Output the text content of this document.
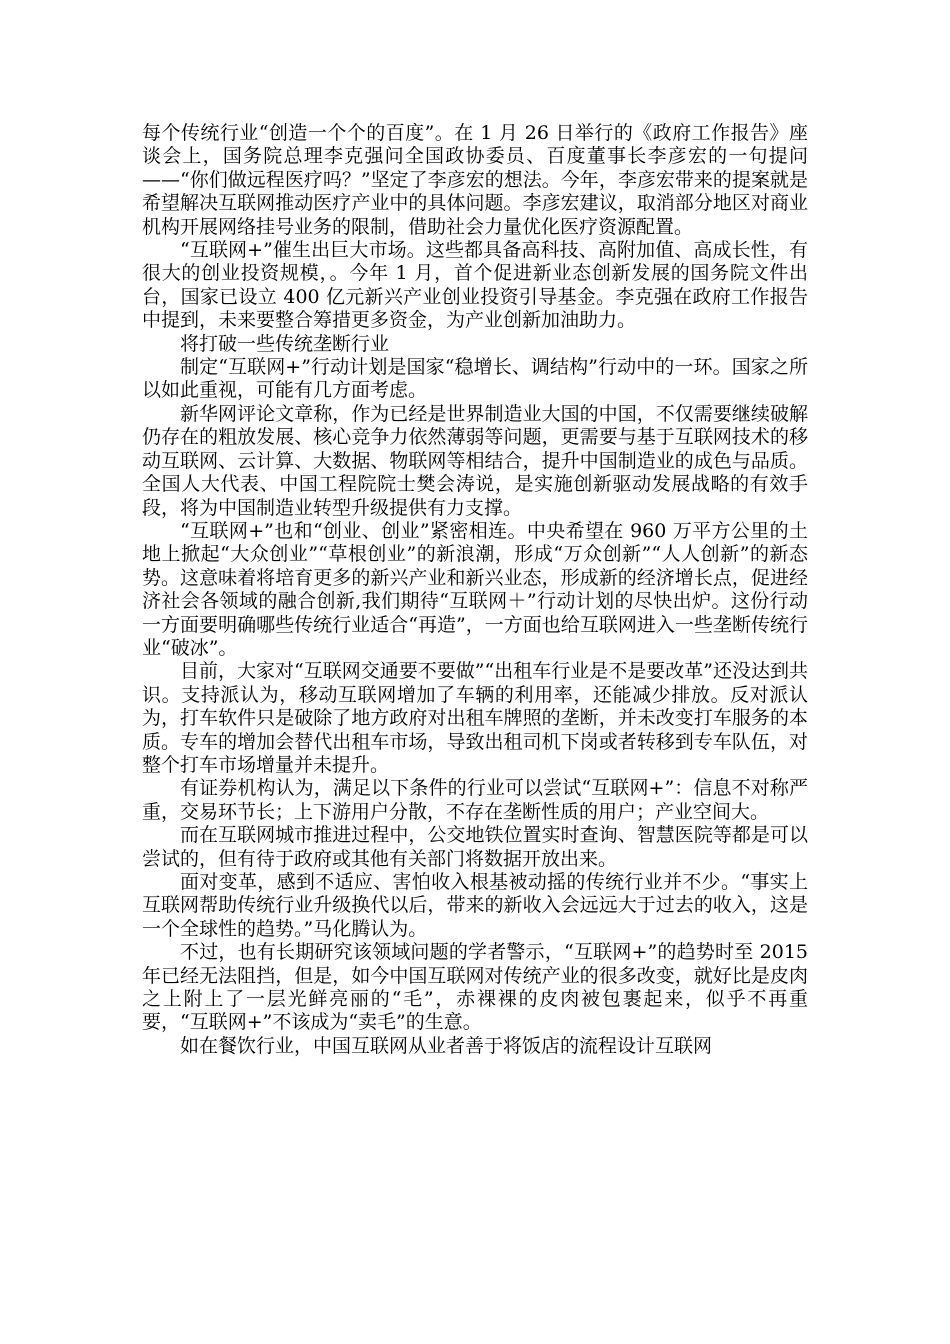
每个传统行业“创造一个个的百度”。在 1 月 26 日举行的《政府工作报告》座谈会上，国务院总理李克强问全国政协委员、百度董事长李彦宏的一句提问——“你们做远程医疗吗？”坚定了李彦宏的想法。今年，李彦宏带来的提案就是希望解决互联网推动医疗产业中的具体问题。李彦宏建议，取消部分地区对商业机构开展网络挂号业务的限制，借助社会力量优化医疗资源配置。

“互联网+”催生出巨大市场。这些都具备高科技、高附加值、高成长性，有很大的创业投资规模，。今年 1 月，首个促进新业态创新发展的国务院文件出台，国家已设立 400 亿元新兴产业创业投资引导基金。李克强在政府工作报告中提到，未来要整合筹措更多资金，为产业创新加油助力。

将打破一些传统垄断行业

制定“互联网+”行动计划是国家“稳增长、调结构”行动中的一环。国家之所以如此重视，可能有几方面考虑。

新华网评论文章称，作为已经是世界制造业大国的中国，不仅需要继续破解仍存在的粗放发展、核心竞争力依然薄弱等问题，更需要与基于互联网技术的移动互联网、云计算、大数据、物联网等相结合，提升中国制造业的成色与品质。全国人大代表、中国工程院院士樊会涛说，是实施创新驱动发展战略的有效手段，将为中国制造业转型升级提供有力支撑。

“互联网+”也和“创业、创业”紧密相连。中央希望在 960 万平方公里的土地上掀起“大众创业”“草根创业”的新浪潮，形成“万众创新”“人人创新”的新态势。这意味着将培育更多的新兴产业和新兴业态，形成新的经济增长点，促进经济社会各领域的融合创新,我们期待“互联网＋”行动计划的尽快出炉。这份行动一方面要明确哪些传统行业适合“再造”，一方面也给互联网进入一些垄断传统行业“破冰”。

目前，大家对“互联网交通要不要做”“出租车行业是不是要改革”还没达到共识。支持派认为，移动互联网增加了车辆的利用率，还能减少排放。反对派认为，打车软件只是破除了地方政府对出租车牌照的垄断，并未改变打车服务的本质。专车的增加会替代出租车市场，导致出租司机下岗或者转移到专车队伍，对整个打车市场增量并未提升。

有证券机构认为，满足以下条件的行业可以尝试“互联网+”：信息不对称严重，交易环节长；上下游用户分散，不存在垄断性质的用户；产业空间大。

而在互联网城市推进过程中，公交地铁位置实时查询、智慧医院等都是可以尝试的，但有待于政府或其他有关部门将数据开放出来。

面对变革，感到不适应、害怕收入根基被动摇的传统行业并不少。“事实上互联网帮助传统行业升级换代以后，带来的新收入会远远大于过去的收入，这是一个全球性的趋势。”马化腾认为。

不过，也有长期研究该领域问题的学者警示，“互联网+”的趋势时至 2015 年已经无法阻挡，但是，如今中国互联网对传统产业的很多改变，就好比是皮肉之上附上了一层光鲜亮丽的“毛”，赤裸裸的皮肉被包裹起来，似乎不再重要，“互联网+”不该成为“卖毛”的生意。

如在餐饮行业，中国互联网从业者善于将饭店的流程设计互联网
